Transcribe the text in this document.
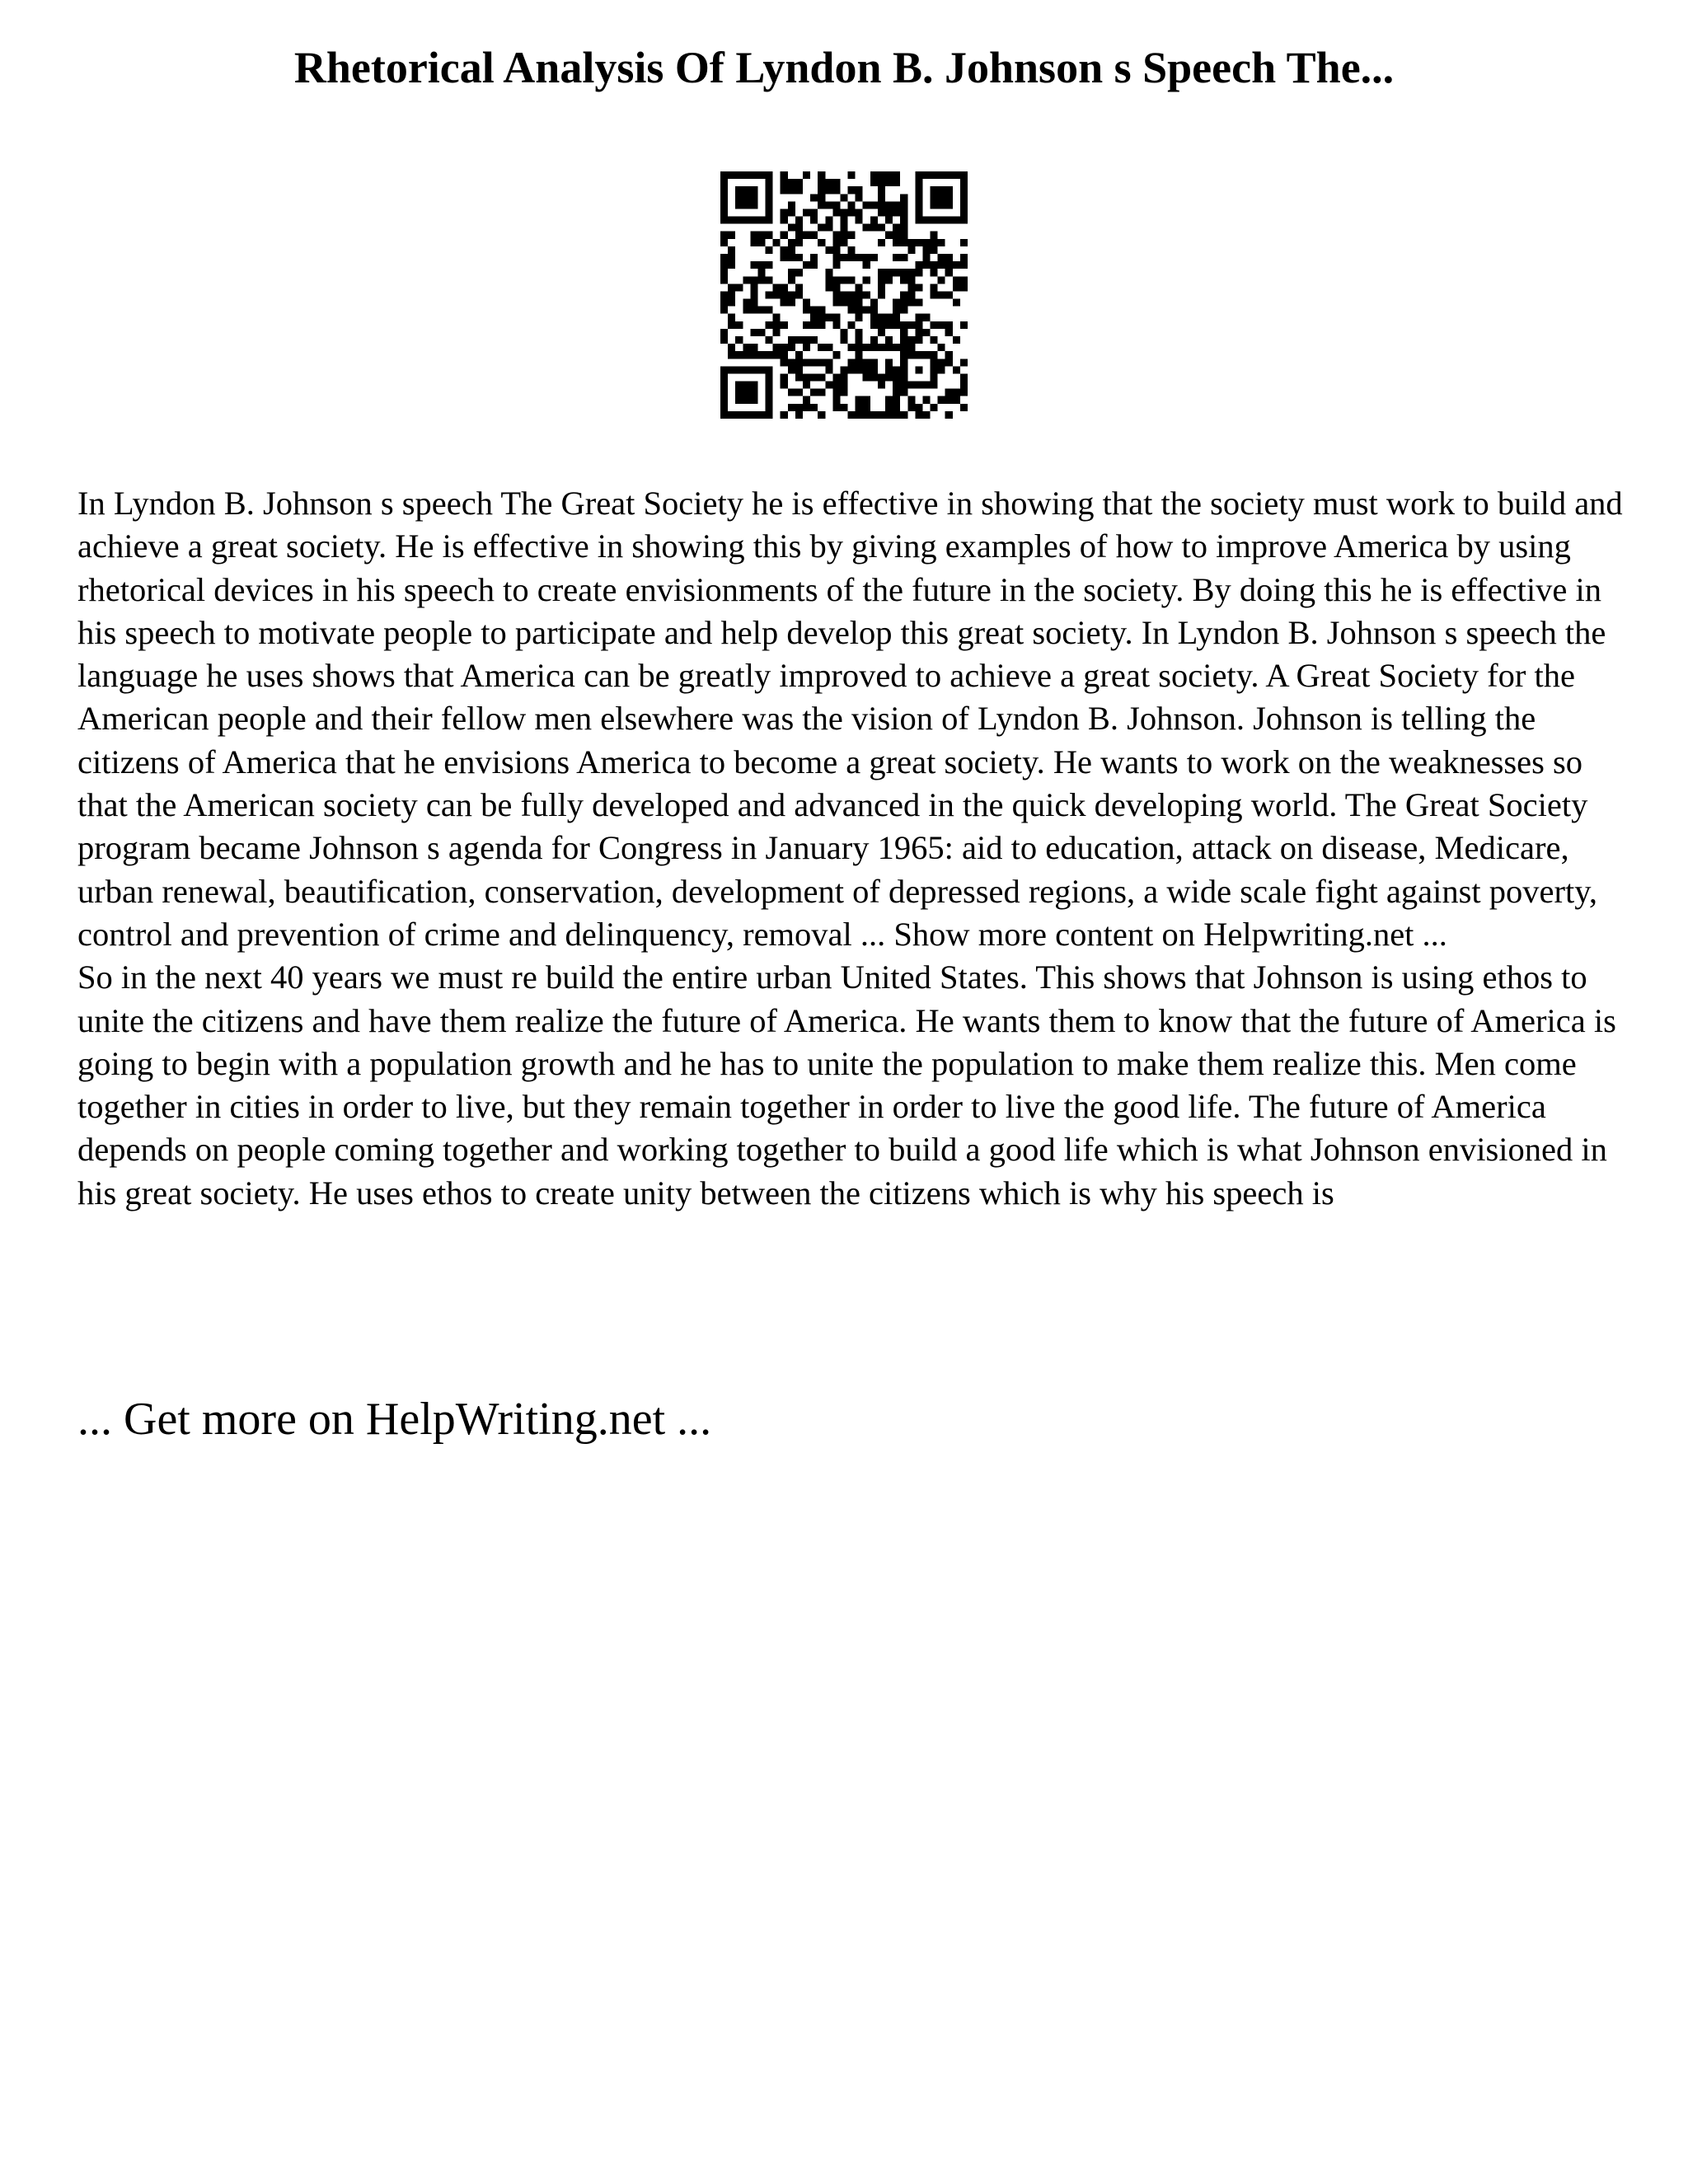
Rhetorical Analysis Of Lyndon B. Johnson s Speech The...

In Lyndon B. Johnson s speech The Great Society he is effective in showing that the society must work to build and achieve a great society. He is effective in showing this by giving examples of how to improve America by using rhetorical devices in his speech to create envisionments of the future in the society. By doing this he is effective in his speech to motivate people to participate and help develop this great society. In Lyndon B. Johnson s speech the language he uses shows that America can be greatly improved to achieve a great society. A Great Society for the American people and their fellow men elsewhere was the vision of Lyndon B. Johnson. Johnson is telling the citizens of America that he envisions America to become a great society. He wants to work on the weaknesses so that the American society can be fully developed and advanced in the quick developing world. The Great Society program became Johnson s agenda for Congress in January 1965: aid to education, attack on disease, Medicare, urban renewal, beautification, conservation, development of depressed regions, a wide scale fight against poverty, control and prevention of crime and delinquency, removal ... Show more content on Helpwriting.net ...

So in the next 40 years we must re build the entire urban United States. This shows that Johnson is using ethos to unite the citizens and have them realize the future of America. He wants them to know that the future of America is going to begin with a population growth and he has to unite the population to make them realize this. Men come together in cities in order to live, but they remain together in order to live the good life. The future of America depends on people coming together and working together to build a good life which is what Johnson envisioned in his great society. He uses ethos to create unity between the citizens which is why his speech is

... Get more on HelpWriting.net ...
